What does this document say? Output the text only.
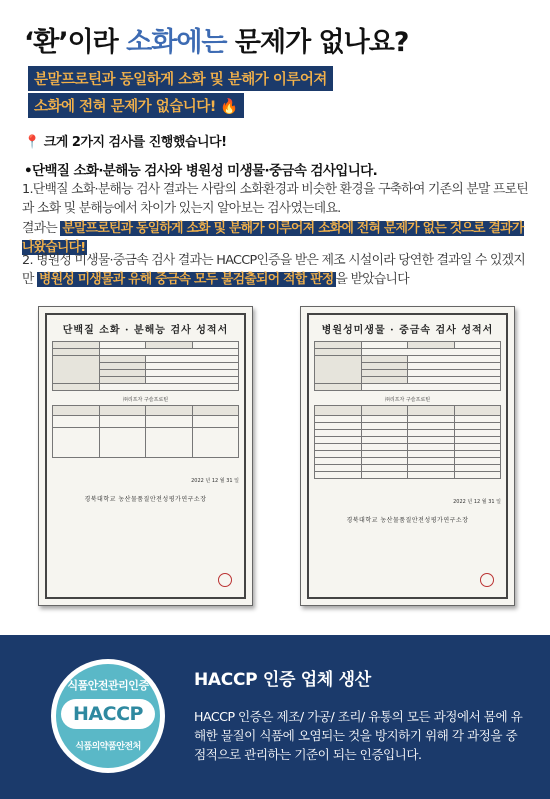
‘환’이라 소화에는 문제가 없나요?
분말프로틴과 동일하게 소화 및 분해가 이루어져
소화에 전혀 문제가 없습니다! 🔥
📍 크게 2가지 검사를 진행했습니다!
•단백질 소화·분해능 검사와 병원성 미생물·중금속 검사입니다.
1.단백질 소화·분해능 검사 결과는 사람의 소화환경과 비슷한 환경을 구축하여 기존의 분말 프로틴과 소화 및 분해능에서 차이가 있는지 알아보는 검사였는데요.
결과는 분말프로틴과 동일하게 소화 및 분해가 이루어져 소화에 전혀 문제가 없는 것으로 결과가 나왔습니다!
2. 병원성 미생물·중금속 검사 결과는 HACCP인증을 받은 제조 시설이라 당연한 결과일 수 있겠지만 병원성 미생물과 유해 중금속 모두 불검출되어 적합 판정 을 받았습니다
단백질 소화 · 분해능 검사 성적서

㈜리프자 구슬프로틴

2022 년 12 월 31 일
경북대학교 농산물품질안전성평가연구소장
병원성미생물 · 중금속 검사 성적서

㈜리프자 구슬프로틴

2022 년 12 월 31 일
경북대학교 농산물품질안전성평가연구소장
식품안전관리인증
HACCP
식품의약품안전처
HACCP 인증 업체 생산
HACCP 인증은 제조/ 가공/ 조리/ 유통의 모든 과정에서 몸에 유해한 물질이 식품에 오염되는 것을 방지하기 위해 각 과정을 중점적으로 관리하는 기준이 되는 인증입니다.
